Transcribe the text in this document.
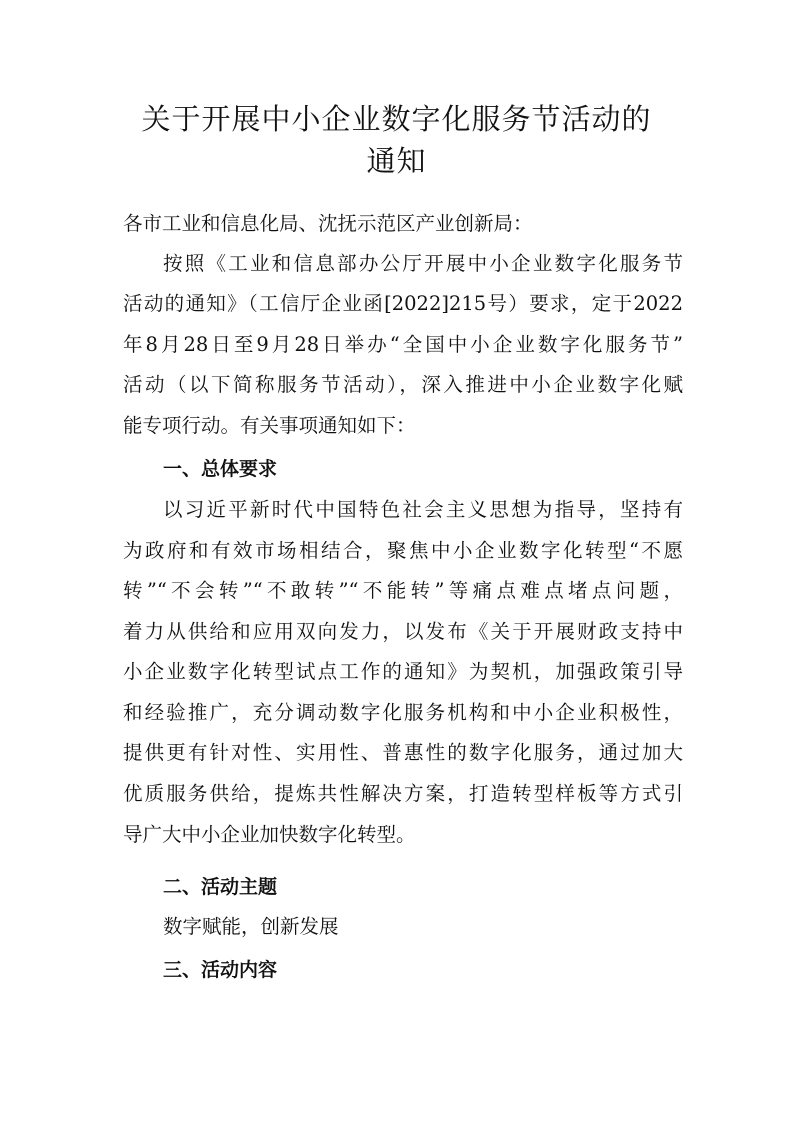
关于开展中小企业数字化服务节活动的
通知

各市工业和信息化局、沈抚示范区产业创新局：

按照《工业和信息部办公厅开展中小企业数字化服务节

活动的通知》（工信厅企业函[2022]215号）要求，定于2022

年8月28日至9月28日举办“全国中小企业数字化服务节”

活动（以下简称服务节活动），深入推进中小企业数字化赋

能专项行动。有关事项通知如下：

一、总体要求

以习近平新时代中国特色社会主义思想为指导，坚持有

为政府和有效市场相结合，聚焦中小企业数字化转型“不愿

转”“不会转”“不敢转”“不能转”等痛点难点堵点问题，

着力从供给和应用双向发力，以发布《关于开展财政支持中

小企业数字化转型试点工作的通知》为契机，加强政策引导

和经验推广，充分调动数字化服务机构和中小企业积极性，

提供更有针对性、实用性、普惠性的数字化服务，通过加大

优质服务供给，提炼共性解决方案，打造转型样板等方式引

导广大中小企业加快数字化转型。

二、活动主题

数字赋能，创新发展

三、活动内容
